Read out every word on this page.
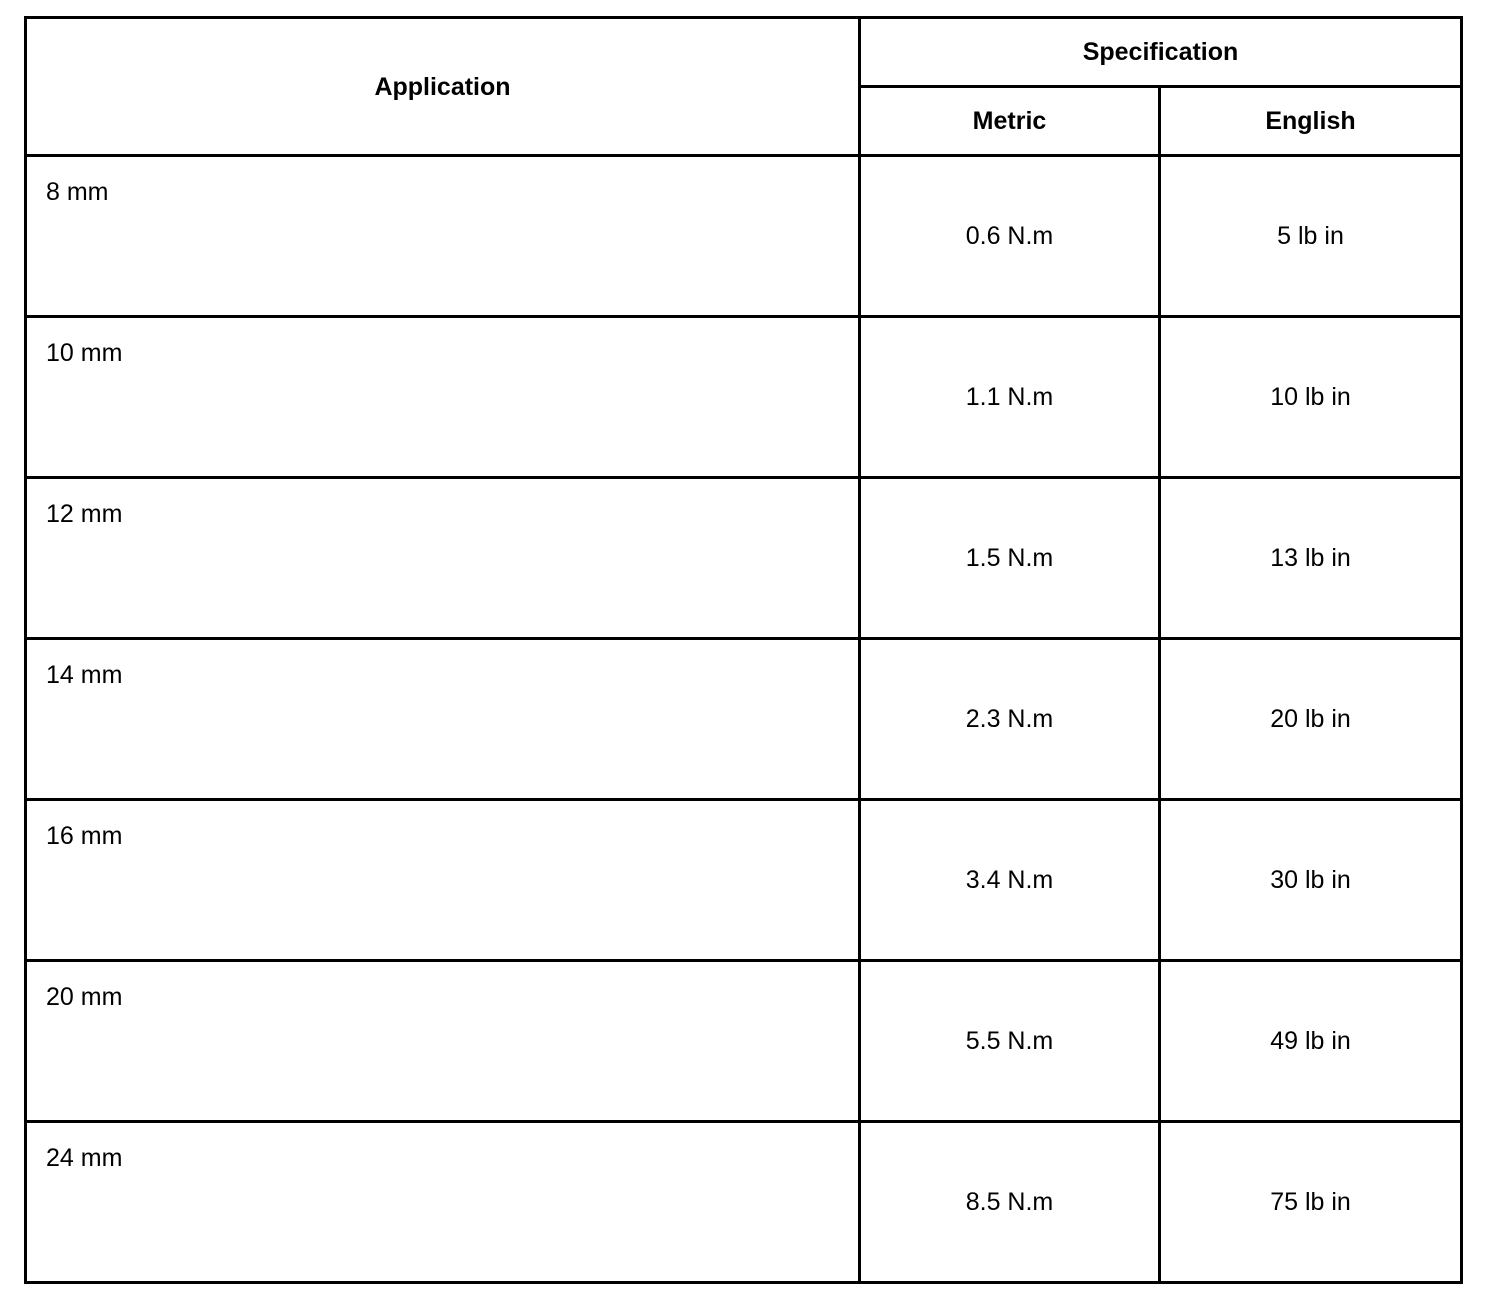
Application	Specification	
	Metric	English
8 mm	0.6 N.m	5 lb in
10 mm	1.1 N.m	10 lb in
12 mm	1.5 N.m	13 lb in
14 mm	2.3 N.m	20 lb in
16 mm	3.4 N.m	30 lb in
20 mm	5.5 N.m	49 lb in
24 mm	8.5 N.m	75 lb in
